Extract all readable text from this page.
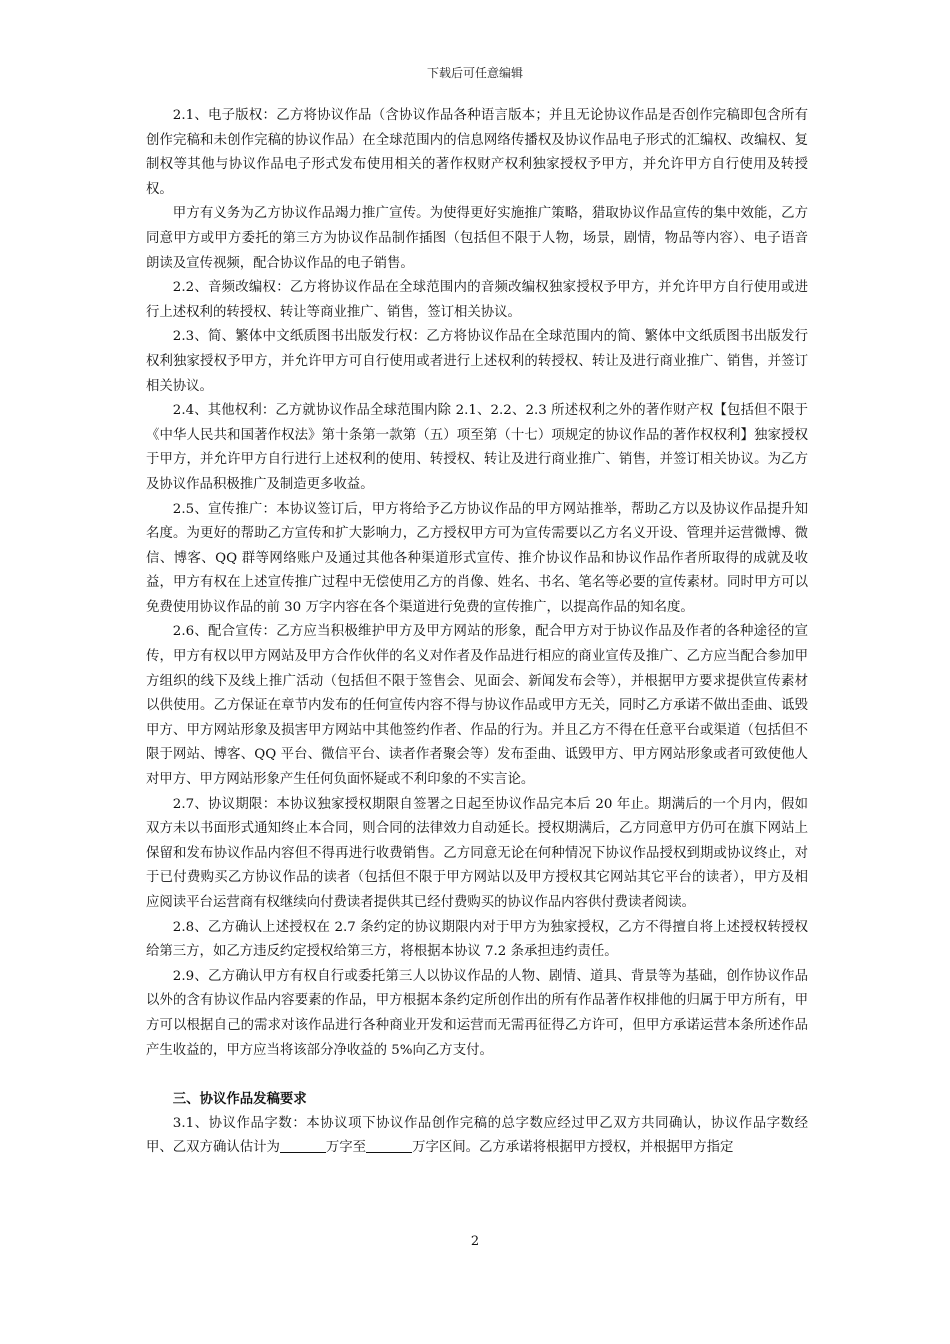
下载后可任意编辑

2.1、电子版权：乙方将协议作品（含协议作品各种语言版本；并且无论协议作品是否创作完稿即包含所有创作完稿和未创作完稿的协议作品）在全球范围内的信息网络传播权及协议作品电子形式的汇编权、改编权、复制权等其他与协议作品电子形式发布使用相关的著作权财产权利独家授权予甲方，并允许甲方自行使用及转授权。

甲方有义务为乙方协议作品竭力推广宣传。为使得更好实施推广策略，猎取协议作品宣传的集中效能，乙方同意甲方或甲方委托的第三方为协议作品制作插图（包括但不限于人物，场景，剧情，物品等内容）、电子语音朗读及宣传视频，配合协议作品的电子销售。

2.2、音频改编权：乙方将协议作品在全球范围内的音频改编权独家授权予甲方，并允许甲方自行使用或进行上述权利的转授权、转让等商业推广、销售，签订相关协议。

2.3、简、繁体中文纸质图书出版发行权：乙方将协议作品在全球范围内的简、繁体中文纸质图书出版发行权利独家授权予甲方，并允许甲方可自行使用或者进行上述权利的转授权、转让及进行商业推广、销售，并签订相关协议。

2.4、其他权利：乙方就协议作品全球范围内除 2.1、2.2、2.3 所述权利之外的著作财产权【包括但不限于《中华人民共和国著作权法》第十条第一款第（五）项至第（十七）项规定的协议作品的著作权权利】独家授权于甲方，并允许甲方自行进行上述权利的使用、转授权、转让及进行商业推广、销售，并签订相关协议。为乙方及协议作品积极推广及制造更多收益。

2.5、宣传推广：本协议签订后，甲方将给予乙方协议作品的甲方网站推举，帮助乙方以及协议作品提升知名度。为更好的帮助乙方宣传和扩大影响力，乙方授权甲方可为宣传需要以乙方名义开设、管理并运营微博、微信、博客、QQ 群等网络账户及通过其他各种渠道形式宣传、推介协议作品和协议作品作者所取得的成就及收益，甲方有权在上述宣传推广过程中无偿使用乙方的肖像、姓名、书名、笔名等必要的宣传素材。同时甲方可以免费使用协议作品的前 30 万字内容在各个渠道进行免费的宣传推广，以提高作品的知名度。

2.6、配合宣传：乙方应当积极维护甲方及甲方网站的形象，配合甲方对于协议作品及作者的各种途径的宣传，甲方有权以甲方网站及甲方合作伙伴的名义对作者及作品进行相应的商业宣传及推广、乙方应当配合参加甲方组织的线下及线上推广活动（包括但不限于签售会、见面会、新闻发布会等），并根据甲方要求提供宣传素材以供使用。乙方保证在章节内发布的任何宣传内容不得与协议作品或甲方无关，同时乙方承诺不做出歪曲、诋毁甲方、甲方网站形象及损害甲方网站中其他签约作者、作品的行为。并且乙方不得在任意平台或渠道（包括但不限于网站、博客、QQ 平台、微信平台、读者作者聚会等）发布歪曲、诋毁甲方、甲方网站形象或者可致使他人对甲方、甲方网站形象产生任何负面怀疑或不利印象的不实言论。

2.7、协议期限：本协议独家授权期限自签署之日起至协议作品完本后 20 年止。期满后的一个月内，假如双方未以书面形式通知终止本合同，则合同的法律效力自动延长。授权期满后，乙方同意甲方仍可在旗下网站上保留和发布协议作品内容但不得再进行收费销售。乙方同意无论在何种情况下协议作品授权到期或协议终止，对于已付费购买乙方协议作品的读者（包括但不限于甲方网站以及甲方授权其它网站其它平台的读者），甲方及相应阅读平台运营商有权继续向付费读者提供其已经付费购买的协议作品内容供付费读者阅读。

2.8、乙方确认上述授权在 2.7 条约定的协议期限内对于甲方为独家授权，乙方不得擅自将上述授权转授权给第三方，如乙方违反约定授权给第三方，将根据本协议 7.2 条承担违约责任。

2.9、乙方确认甲方有权自行或委托第三人以协议作品的人物、剧情、道具、背景等为基础，创作协议作品以外的含有协议作品内容要素的作品，甲方根据本条约定所创作出的所有作品著作权排他的归属于甲方所有，甲方可以根据自己的需求对该作品进行各种商业开发和运营而无需再征得乙方许可，但甲方承诺运营本条所述作品产生收益的，甲方应当将该部分净收益的 5%向乙方支付。

三、协议作品发稿要求

3.1、协议作品字数：本协议项下协议作品创作完稿的总字数应经过甲乙双方共同确认，协议作品字数经甲、乙双方确认估计为	万字至	万字区间。乙方承诺将根据甲方授权，并根据甲方指定

2
